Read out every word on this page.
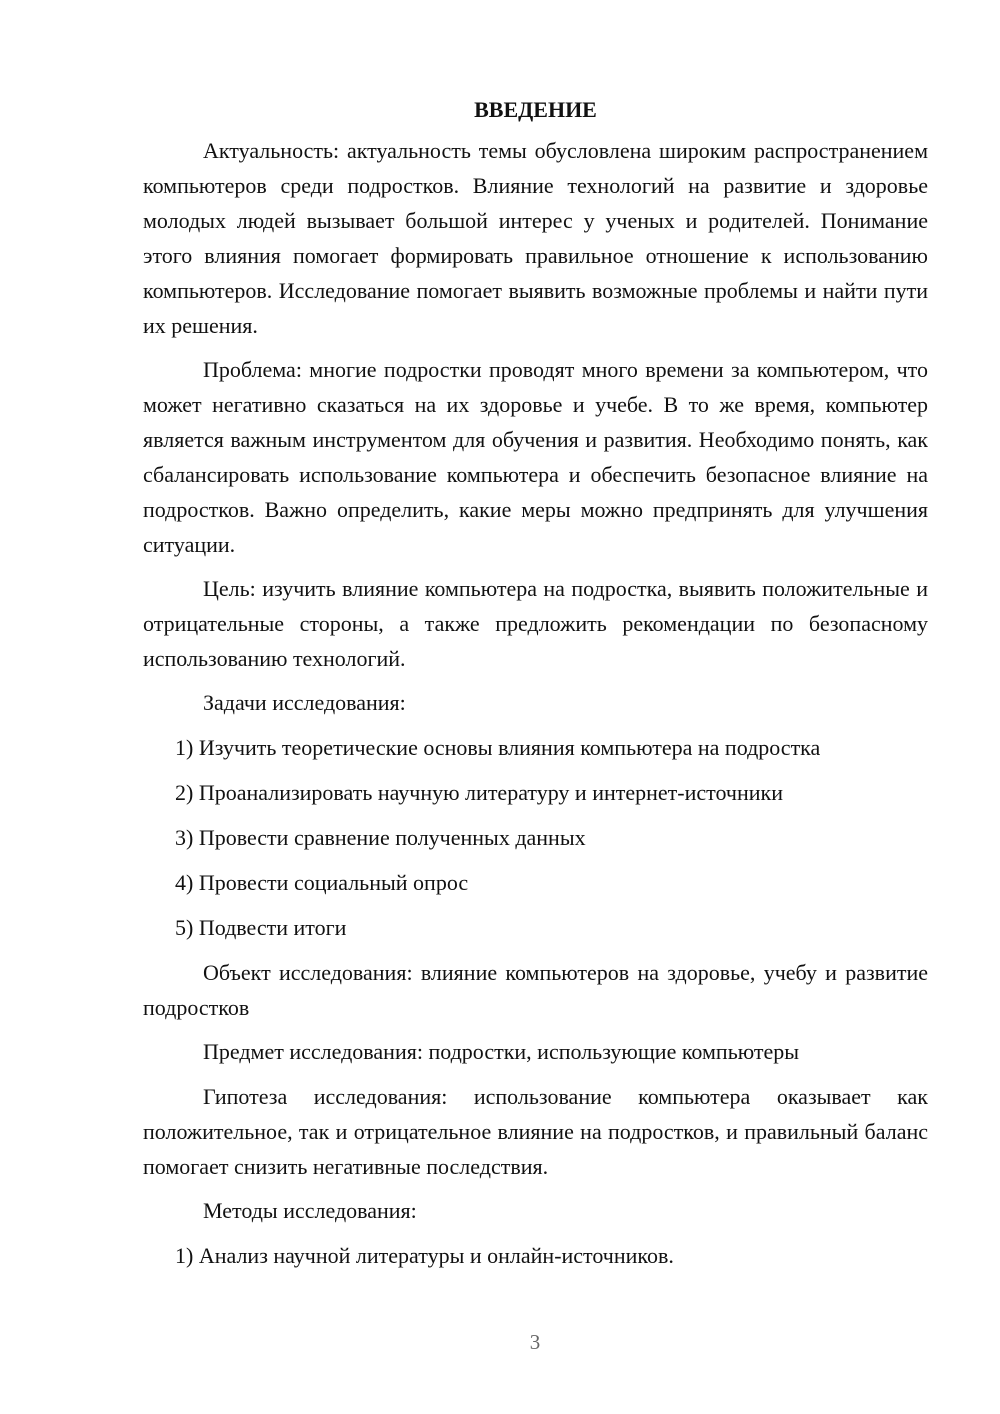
ВВЕДЕНИЕ

Актуальность: актуальность темы обусловлена широким распространением компьютеров среди подростков. Влияние технологий на развитие и здоровье молодых людей вызывает большой интерес у ученых и родителей. Понимание этого влияния помогает формировать правильное отношение к использованию компьютеров. Исследование помогает выявить возможные проблемы и найти пути их решения.

Проблема: многие подростки проводят много времени за компьютером, что может негативно сказаться на их здоровье и учебе. В то же время, компьютер является важным инструментом для обучения и развития. Необходимо понять, как сбалансировать использование компьютера и обеспечить безопасное влияние на подростков. Важно определить, какие меры можно предпринять для улучшения ситуации.

Цель: изучить влияние компьютера на подростка, выявить положительные и отрицательные стороны, а также предложить рекомендации по безопасному использованию технологий.

Задачи исследования:

1) Изучить теоретические основы влияния компьютера на подростка
2) Проанализировать научную литературу и интернет-источники
3) Провести сравнение полученных данных
4) Провести социальный опрос
5) Подвести итоги

Объект исследования: влияние компьютеров на здоровье, учебу и развитие подростков

Предмет исследования: подростки, использующие компьютеры

Гипотеза исследования: использование компьютера оказывает как положительное, так и отрицательное влияние на подростков, и правильный баланс помогает снизить негативные последствия.

Методы исследования:

1) Анализ научной литературы и онлайн-источников.
3
